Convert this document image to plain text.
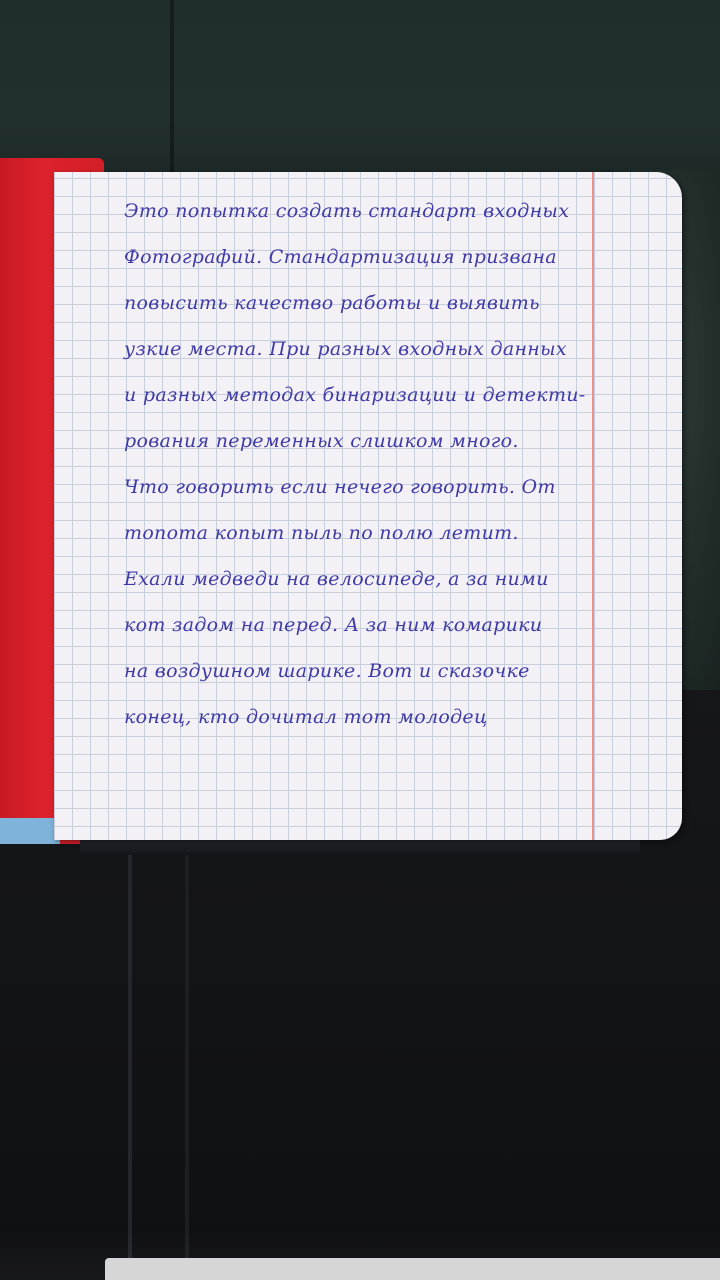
Это попытка создать стандарт входных
Фотографий. Стандартизация призвана
повысить качество работы и выявить
узкие места. При разных входных данных
и разных методах бинаризации и детекти-
рования переменных слишком много.
Что говорить если нечего говорить. От
топота копыт пыль по полю летит.
Ехали медведи на велосипеде, а за ними
кот задом на перед. А за ним комарики
на воздушном шарике. Вот и сказочке
конец, кто дочитал тот молодец
